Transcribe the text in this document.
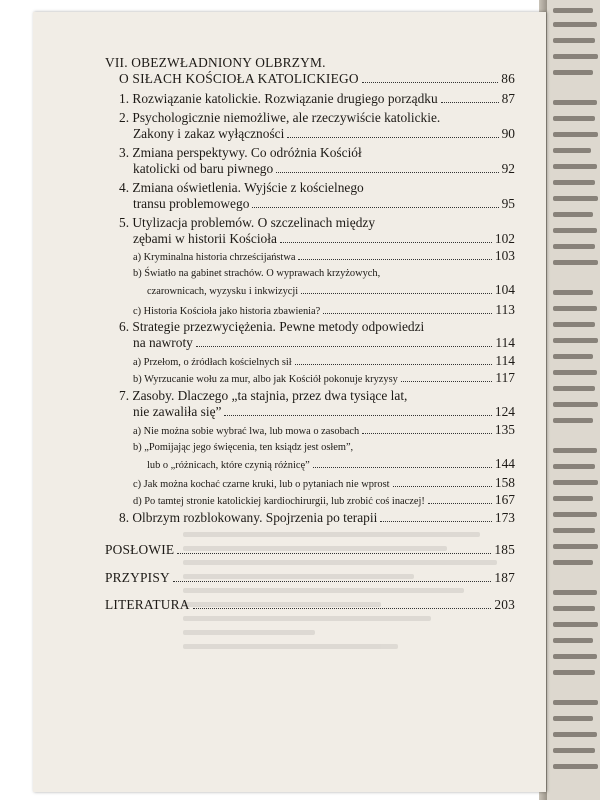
VII. OBEZWŁADNIONY OLBRZYM.
O SIŁACH KOŚCIOŁA KATOLICKIEGO	86
1. Rozwiązanie katolickie. Rozwiązanie drugiego porządku	87
2. Psychologicznie niemożliwe, ale rzeczywiście katolickie.
Zakony i zakaz wyłączności	90
3. Zmiana perspektywy. Co odróżnia Kościół
katolicki od baru piwnego	92
4. Zmiana oświetlenia. Wyjście z kościelnego
transu problemowego	95
5. Utylizacja problemów. O szczelinach między
zębami w historii Kościoła	102
a) Kryminalna historia chrześcijaństwa	103
b) Światło na gabinet strachów. O wyprawach krzyżowych,
czarownicach, wyzysku i inkwizycji	104
c) Historia Kościoła jako historia zbawienia?	113
6. Strategie przezwyciężenia. Pewne metody odpowiedzi
na nawroty	114
a) Przełom, o źródłach kościelnych sił	114
b) Wyrzucanie wołu za mur, albo jak Kościół pokonuje kryzysy	117
7. Zasoby. Dlaczego „ta stajnia, przez dwa tysiące lat,
nie zawaliła się”	124
a) Nie można sobie wybrać lwa, lub mowa o zasobach	135
b) „Pomijając jego święcenia, ten ksiądz jest osłem”,
lub o „różnicach, które czynią różnicę”	144
c) Jak można kochać czarne kruki, lub o pytaniach nie wprost	158
d) Po tamtej stronie katolickiej kardiochirurgii, lub zrobić coś inaczej!	167
8. Olbrzym rozblokowany. Spojrzenia po terapii	173
POSŁOWIE	185
PRZYPISY	187
LITERATURA	203
